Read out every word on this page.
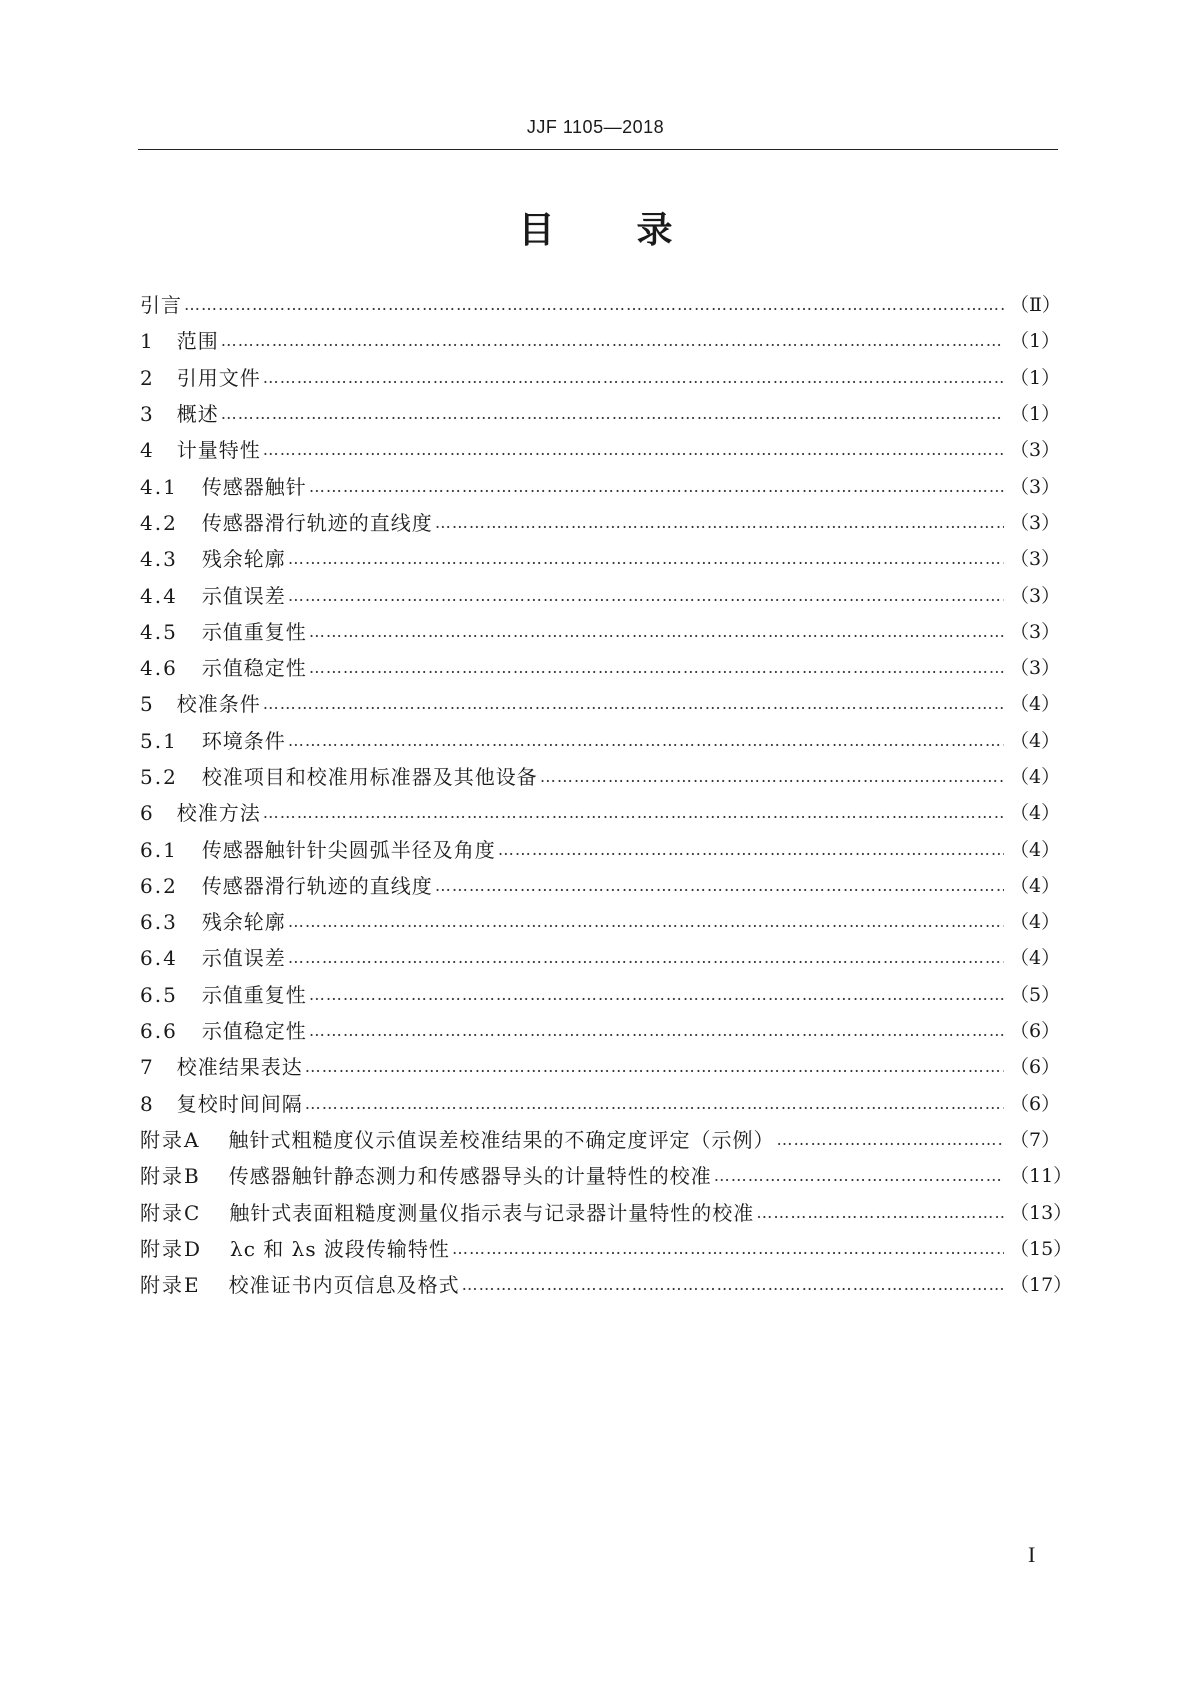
JJF 1105—2018
目 录
引言 ……………………………………………………………………………………………………………………………………………………………………………………………………………………………………	（Ⅱ）
1 范围 ……………………………………………………………………………………………………………………………………………………………………………………………………………………………………	（1）
2 引用文件 ……………………………………………………………………………………………………………………………………………………………………………………………………………………………………	（1）
3 概述 ……………………………………………………………………………………………………………………………………………………………………………………………………………………………………	（1）
4 计量特性 ……………………………………………………………………………………………………………………………………………………………………………………………………………………………………	（3）
4.1 传感器触针 ……………………………………………………………………………………………………………………………………………………………………………………………………………………………………	（3）
4.2 传感器滑行轨迹的直线度 ……………………………………………………………………………………………………………………………………………………………………………………………………………………………………	（3）
4.3 残余轮廓 ……………………………………………………………………………………………………………………………………………………………………………………………………………………………………	（3）
4.4 示值误差 ……………………………………………………………………………………………………………………………………………………………………………………………………………………………………	（3）
4.5 示值重复性 ……………………………………………………………………………………………………………………………………………………………………………………………………………………………………	（3）
4.6 示值稳定性 ……………………………………………………………………………………………………………………………………………………………………………………………………………………………………	（3）
5 校准条件 ……………………………………………………………………………………………………………………………………………………………………………………………………………………………………	（4）
5.1 环境条件 ……………………………………………………………………………………………………………………………………………………………………………………………………………………………………	（4）
5.2 校准项目和校准用标准器及其他设备 ……………………………………………………………………………………………………………………………………………………………………………………………………………………………………	（4）
6 校准方法 ……………………………………………………………………………………………………………………………………………………………………………………………………………………………………	（4）
6.1 传感器触针针尖圆弧半径及角度 ……………………………………………………………………………………………………………………………………………………………………………………………………………………………………	（4）
6.2 传感器滑行轨迹的直线度 ……………………………………………………………………………………………………………………………………………………………………………………………………………………………………	（4）
6.3 残余轮廓 ……………………………………………………………………………………………………………………………………………………………………………………………………………………………………	（4）
6.4 示值误差 ……………………………………………………………………………………………………………………………………………………………………………………………………………………………………	（4）
6.5 示值重复性 ……………………………………………………………………………………………………………………………………………………………………………………………………………………………………	（5）
6.6 示值稳定性 ……………………………………………………………………………………………………………………………………………………………………………………………………………………………………	（6）
7 校准结果表达 ……………………………………………………………………………………………………………………………………………………………………………………………………………………………………	（6）
8 复校时间间隔 ……………………………………………………………………………………………………………………………………………………………………………………………………………………………………	（6）
附录A 触针式粗糙度仪示值误差校准结果的不确定度评定（示例） ……………………………………………………………………………………………………………………………………………………………………………………………………………………………………	（7）
附录B 传感器触针静态测力和传感器导头的计量特性的校准 ……………………………………………………………………………………………………………………………………………………………………………………………………………………………………	（11）
附录C 触针式表面粗糙度测量仪指示表与记录器计量特性的校准 ……………………………………………………………………………………………………………………………………………………………………………………………………………………………………	（13）
附录D λc 和 λs 波段传输特性 ……………………………………………………………………………………………………………………………………………………………………………………………………………………………………	（15）
附录E 校准证书内页信息及格式 ……………………………………………………………………………………………………………………………………………………………………………………………………………………………………	（17）
I
